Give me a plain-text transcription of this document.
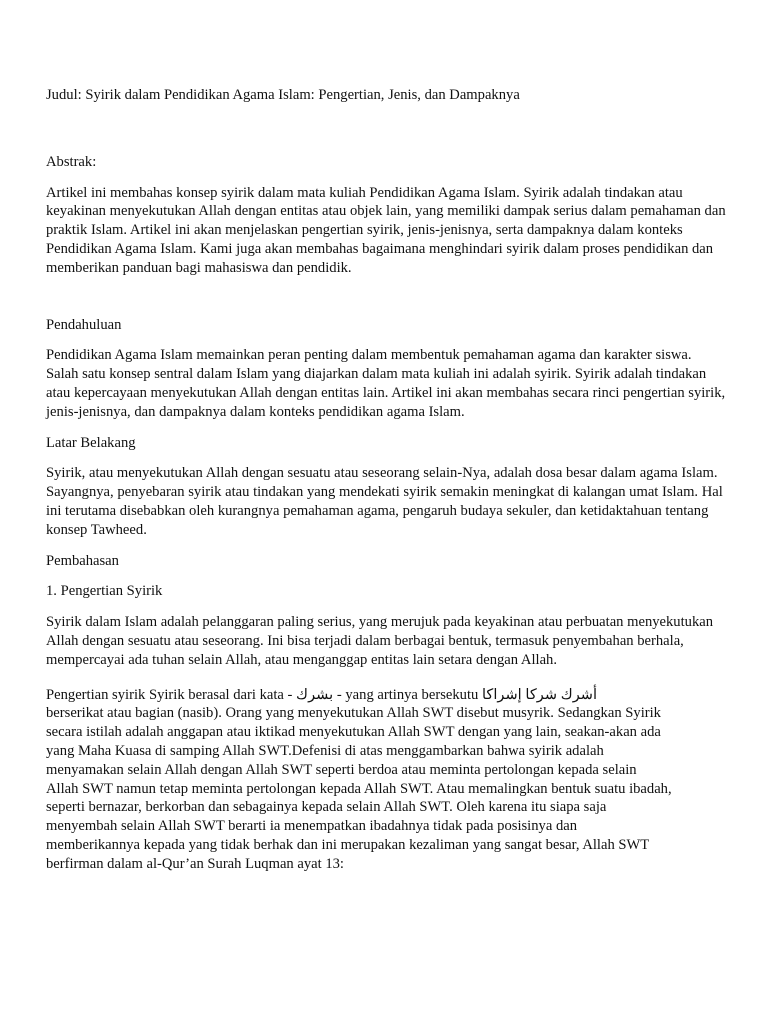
Judul: Syirik dalam Pendidikan Agama Islam: Pengertian, Jenis, dan Dampaknya

Abstrak:

Artikel ini membahas konsep syirik dalam mata kuliah Pendidikan Agama Islam. Syirik adalah tindakan atau keyakinan menyekutukan Allah dengan entitas atau objek lain, yang memiliki dampak serius dalam pemahaman dan praktik Islam. Artikel ini akan menjelaskan pengertian syirik, jenis-jenisnya, serta dampaknya dalam konteks Pendidikan Agama Islam. Kami juga akan membahas bagaimana menghindari syirik dalam proses pendidikan dan memberikan panduan bagi mahasiswa dan pendidik.

Pendahuluan

Pendidikan Agama Islam memainkan peran penting dalam membentuk pemahaman agama dan karakter siswa. Salah satu konsep sentral dalam Islam yang diajarkan dalam mata kuliah ini adalah syirik. Syirik adalah tindakan atau kepercayaan menyekutukan Allah dengan entitas lain. Artikel ini akan membahas secara rinci pengertian syirik, jenis-jenisnya, dan dampaknya dalam konteks pendidikan agama Islam.

Latar Belakang

Syirik, atau menyekutukan Allah dengan sesuatu atau seseorang selain-Nya, adalah dosa besar dalam agama Islam. Sayangnya, penyebaran syirik atau tindakan yang mendekati syirik semakin meningkat di kalangan umat Islam. Hal ini terutama disebabkan oleh kurangnya pemahaman agama, pengaruh budaya sekuler, dan ketidaktahuan tentang konsep Tawheed.

Pembahasan

1. Pengertian Syirik

Syirik dalam Islam adalah pelanggaran paling serius, yang merujuk pada keyakinan atau perbuatan menyekutukan Allah dengan sesuatu atau seseorang. Ini bisa terjadi dalam berbagai bentuk, termasuk penyembahan berhala, mempercayai ada tuhan selain Allah, atau menganggap entitas lain setara dengan Allah.

Pengertian syirik Syirik berasal dari kata - بشرك - yang artinya bersekutu أشرك شركا إشراكا
berserikat atau bagian (nasib). Orang yang menyekutukan Allah SWT disebut musyrik. Sedangkan Syirik
secara istilah adalah anggapan atau iktikad menyekutukan Allah SWT dengan yang lain, seakan-akan ada
yang Maha Kuasa di samping Allah SWT.Defenisi di atas menggambarkan bahwa syirik adalah
menyamakan selain Allah dengan Allah SWT seperti berdoa atau meminta pertolongan kepada selain
Allah SWT namun tetap meminta pertolongan kepada Allah SWT. Atau memalingkan bentuk suatu ibadah,
seperti bernazar, berkorban dan sebagainya kepada selain Allah SWT. Oleh karena itu siapa saja
menyembah selain Allah SWT berarti ia menempatkan ibadahnya tidak pada posisinya dan
memberikannya kepada yang tidak berhak dan ini merupakan kezaliman yang sangat besar, Allah SWT
berfirman dalam al-Qur’an Surah Luqman ayat 13:
